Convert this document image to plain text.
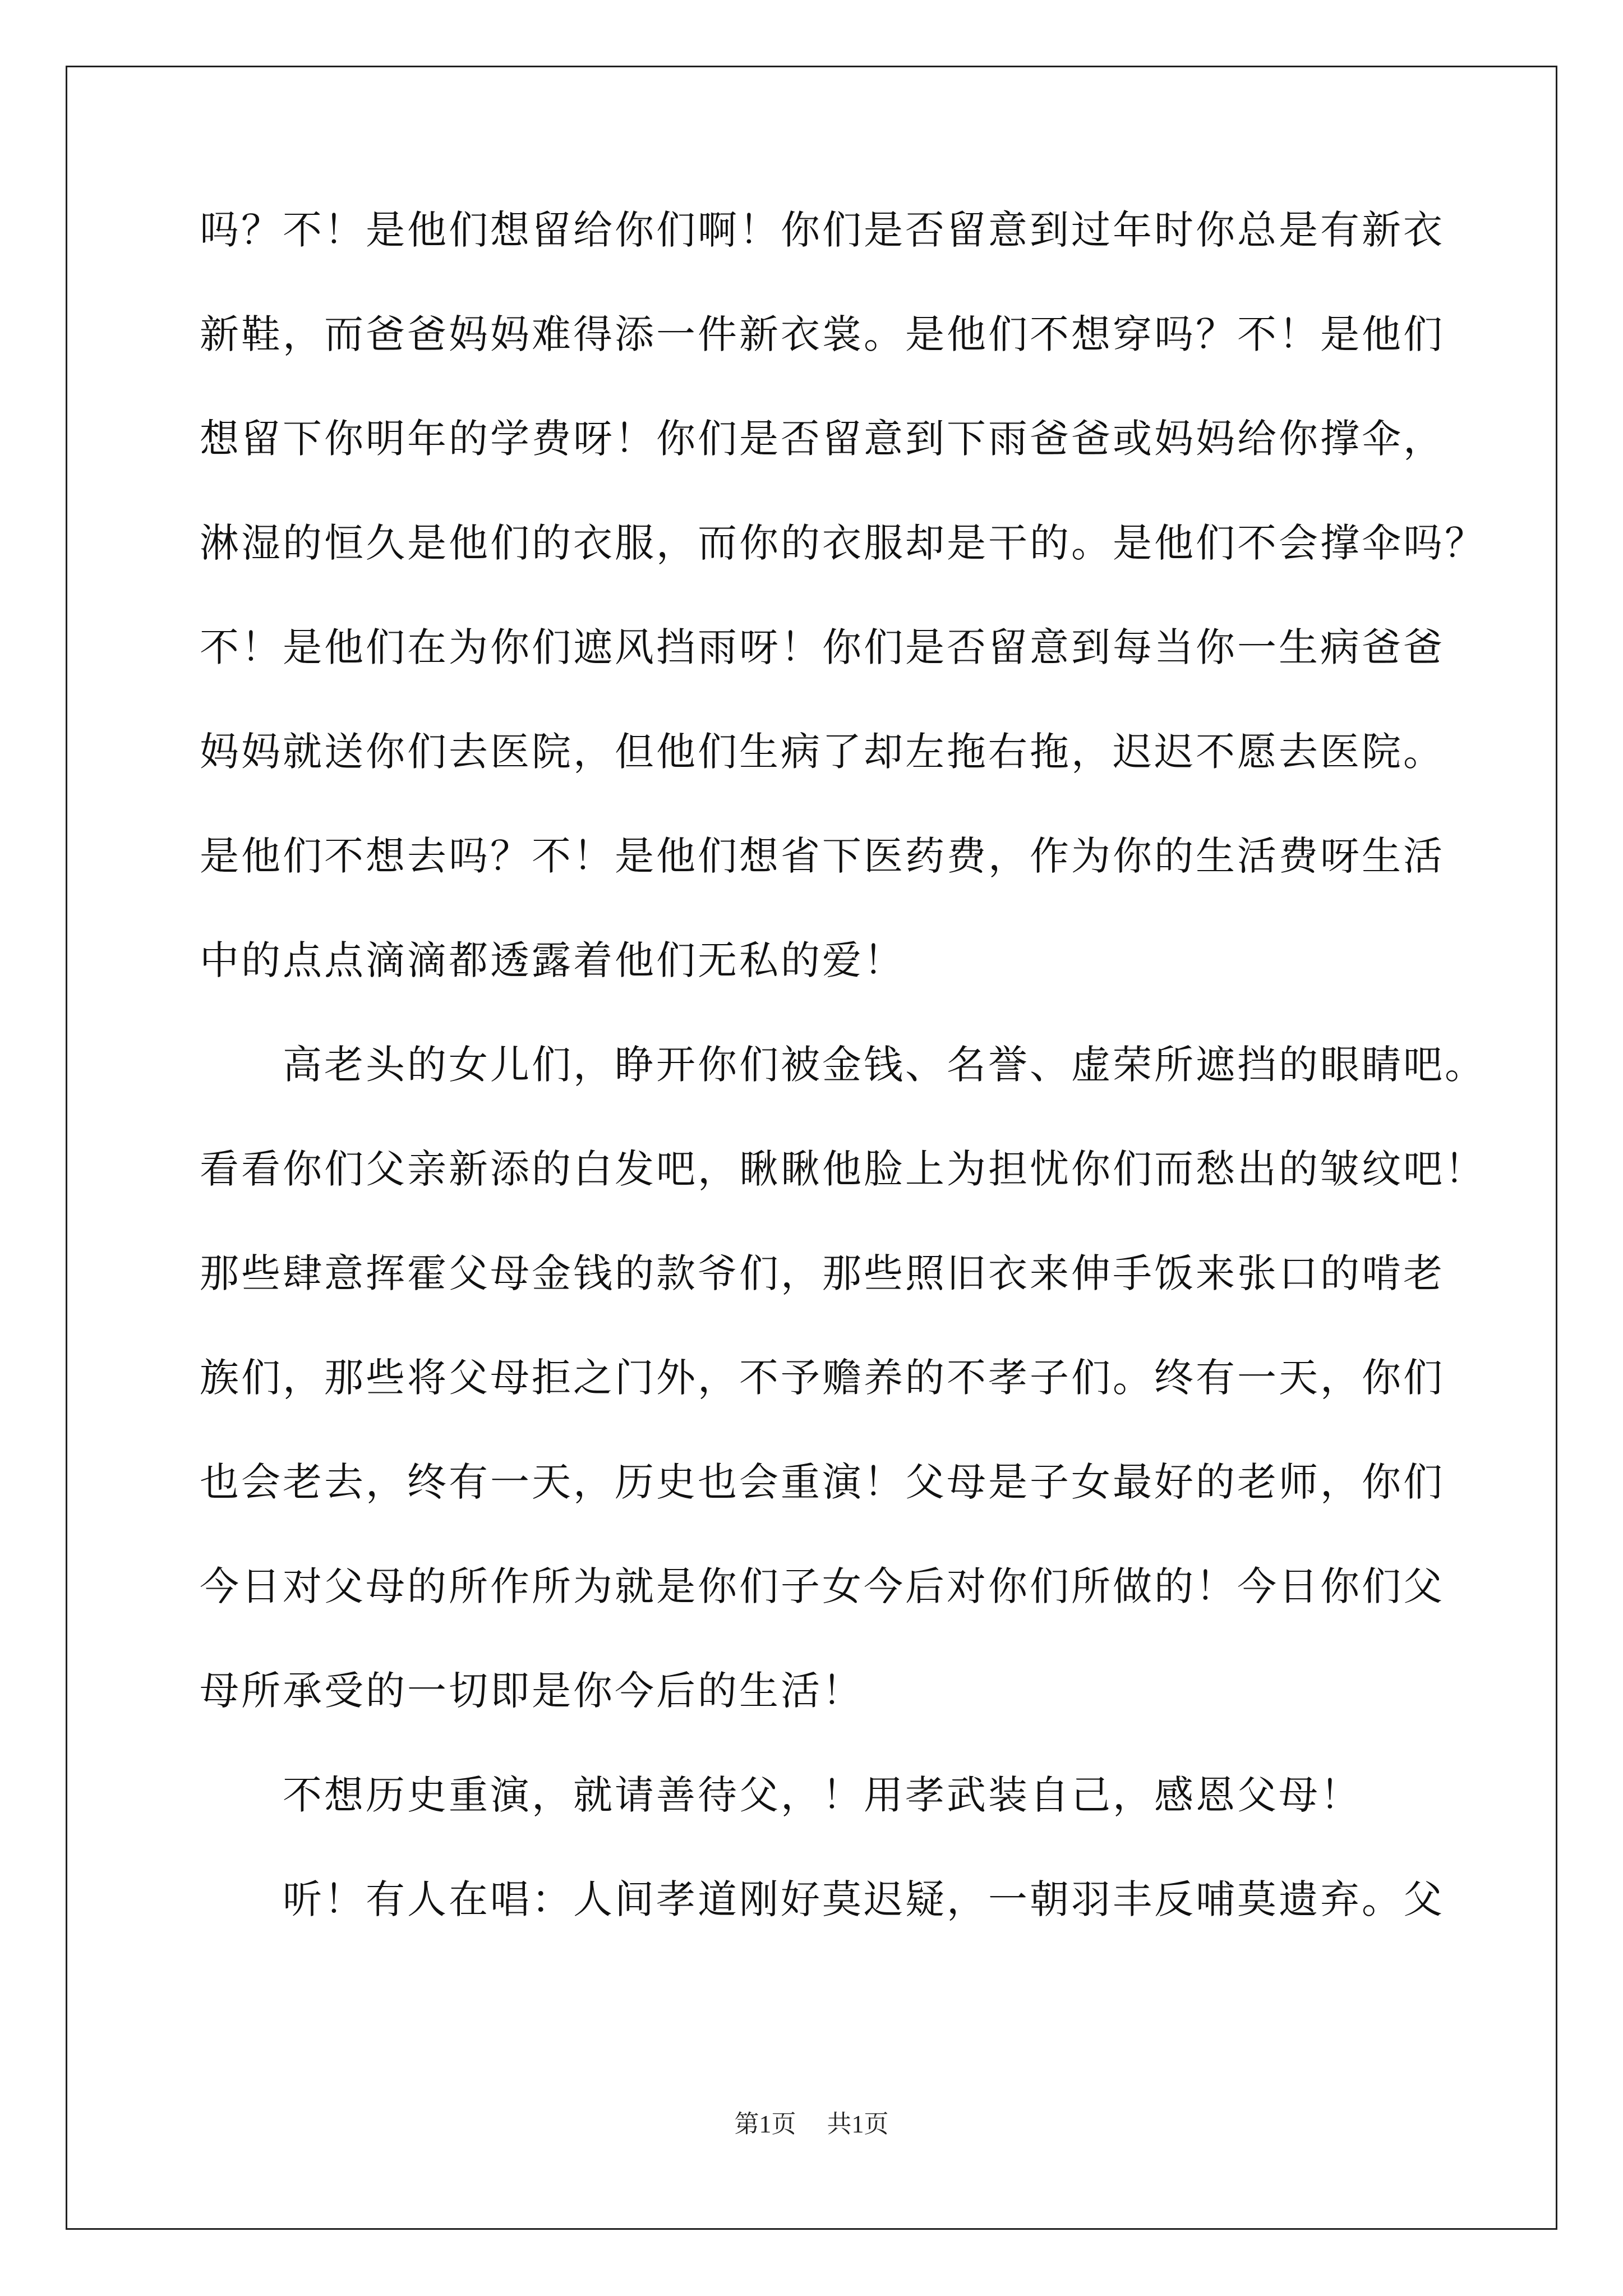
吗？不！是他们想留给你们啊！你们是否留意到过年时你总是有新衣
新鞋，而爸爸妈妈难得添一件新衣裳。是他们不想穿吗？不！是他们
想留下你明年的学费呀！你们是否留意到下雨爸爸或妈妈给你撑伞，
淋湿的恒久是他们的衣服，而你的衣服却是干的。是他们不会撑伞吗？
不！是他们在为你们遮风挡雨呀！你们是否留意到每当你一生病爸爸
妈妈就送你们去医院，但他们生病了却左拖右拖，迟迟不愿去医院。
是他们不想去吗？不！是他们想省下医药费，作为你的生活费呀生活
中的点点滴滴都透露着他们无私的爱！
　　高老头的女儿们，睁开你们被金钱、名誉、虚荣所遮挡的眼睛吧。
看看你们父亲新添的白发吧，瞅瞅他脸上为担忧你们而愁出的皱纹吧！
那些肆意挥霍父母金钱的款爷们，那些照旧衣来伸手饭来张口的啃老
族们，那些将父母拒之门外，不予赡养的不孝子们。终有一天，你们
也会老去，终有一天，历史也会重演！父母是子女最好的老师，你们
今日对父母的所作所为就是你们子女今后对你们所做的！今日你们父
母所承受的一切即是你今后的生活！
　　不想历史重演，就请善待父，！用孝武装自己，感恩父母！
　　听！有人在唱：人间孝道刚好莫迟疑，一朝羽丰反哺莫遗弃。父
第1页 共1页
